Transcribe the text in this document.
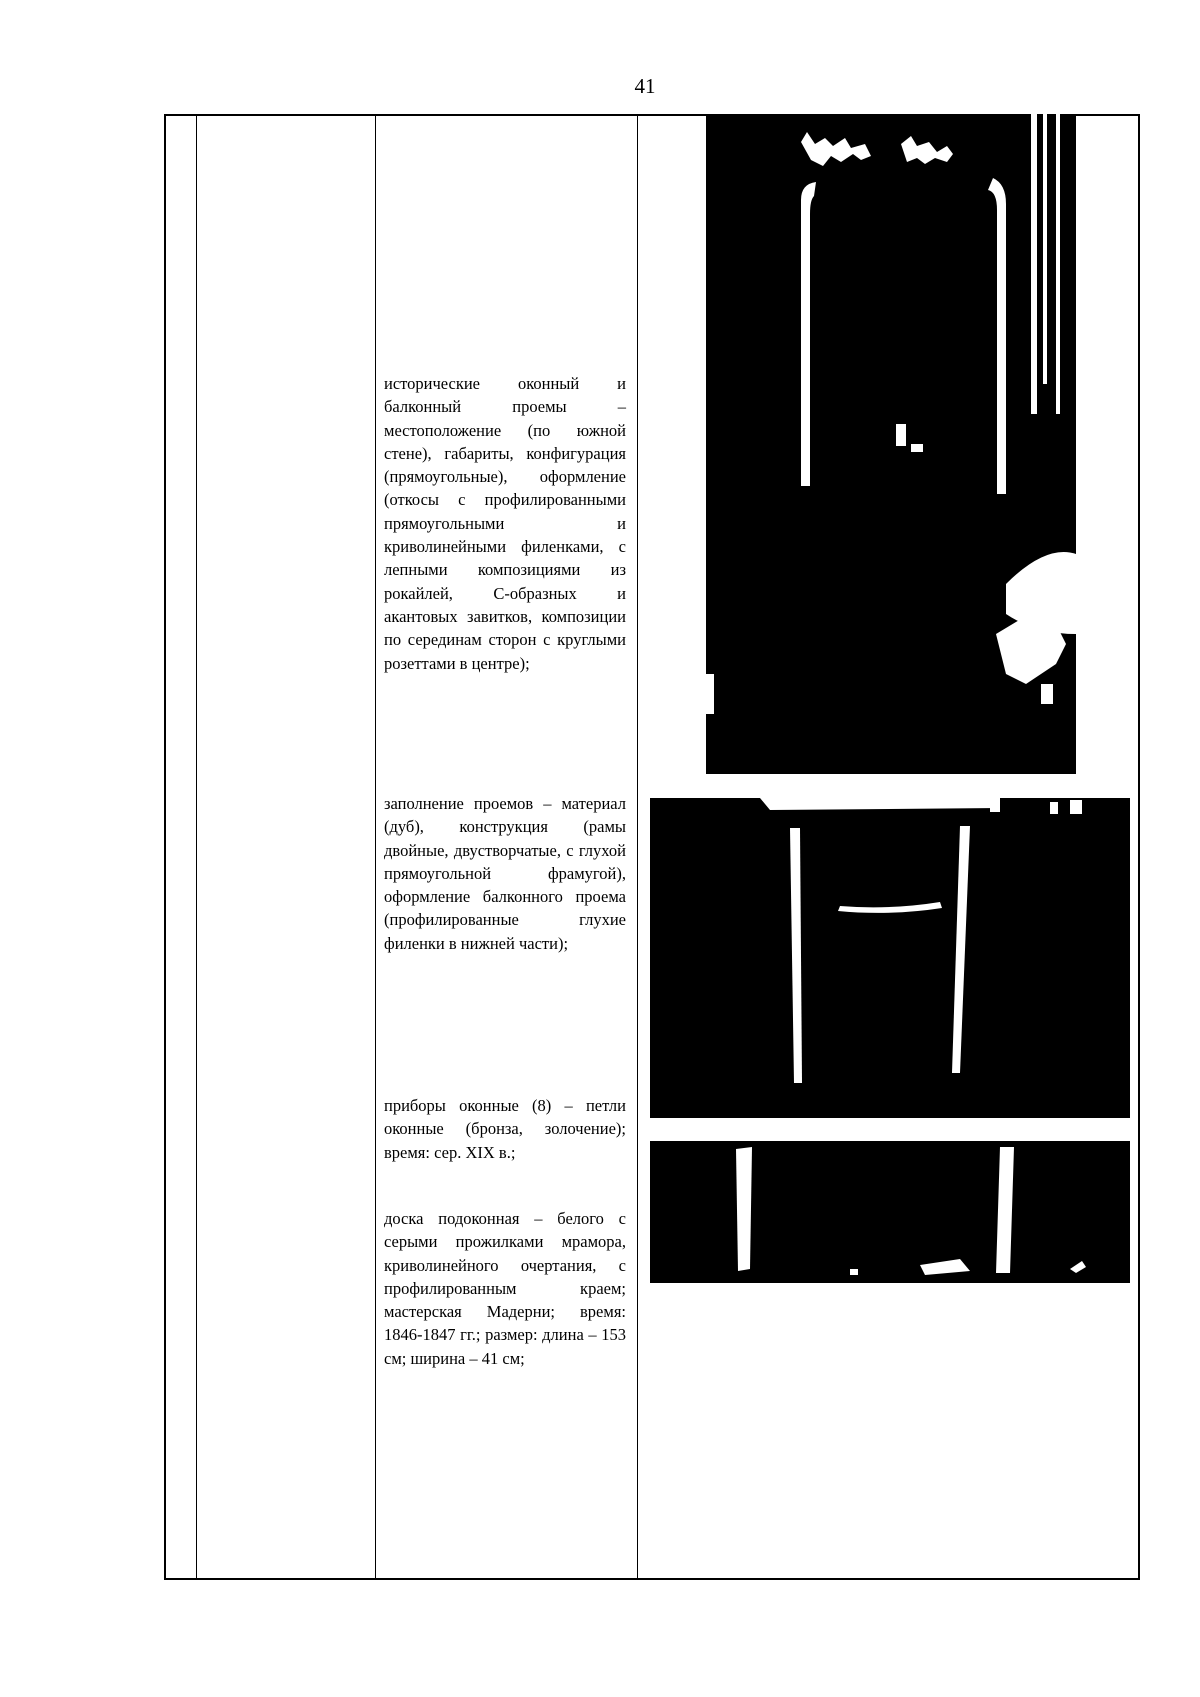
41

исторические оконный и балконный проемы – местоположение (по южной стене), габариты, конфигурация (прямоугольные), оформление (откосы с профилированными прямоугольными и криволинейными филенками, с лепными композициями из рокайлей, С-образных и акантовых завитков, композиции по серединам сторон с круглыми розеттами в центре);

заполнение проемов – материал (дуб), конструкция (рамы двойные, двустворчатые, с глухой прямоугольной фрамугой), оформление балконного проема (профилированные глухие филенки в нижней части);

приборы оконные (8) – петли оконные (бронза, золочение); время: сер. XIX в.;

доска подоконная – белого с серыми прожилками мрамора, криволинейного очертания, с профилированным краем; мастерская Мадерни; время: 1846-1847 гг.; размер: длина – 153 см; ширина – 41 см;
